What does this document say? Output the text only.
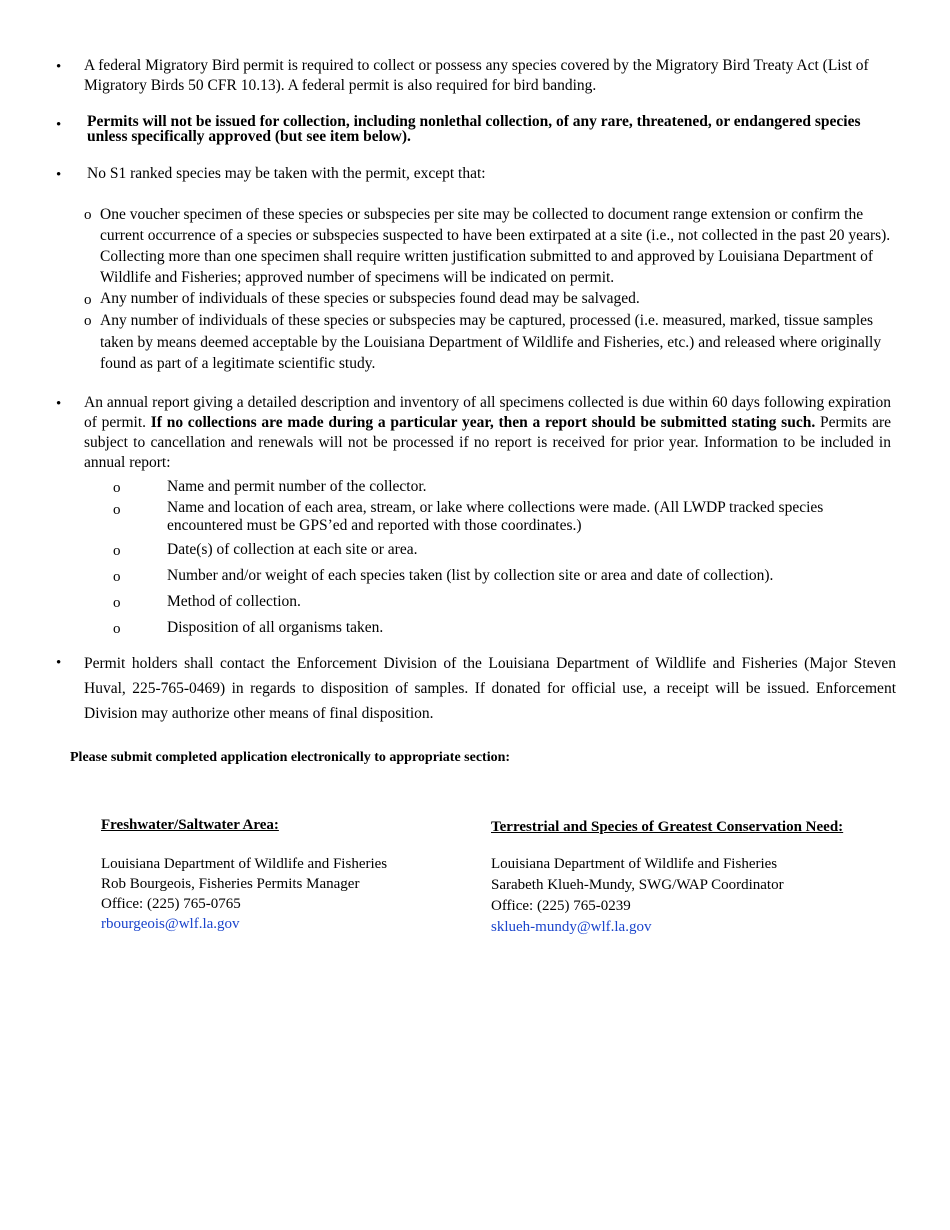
• A federal Migratory Bird permit is required to collect or possess any species covered by the Migratory Bird Treaty Act (List of Migratory Birds 50 CFR 10.13). A federal permit is also required for bird banding.
• Permits will not be issued for collection, including nonlethal collection, of any rare, threatened, or endangered species unless specifically approved (but see item below).
• No S1 ranked species may be taken with the permit, except that:
o One voucher specimen of these species or subspecies per site may be collected to document range extension or confirm the current occurrence of a species or subspecies suspected to have been extirpated at a site (i.e., not collected in the past 20 years). Collecting more than one specimen shall require written justification submitted to and approved by Louisiana Department of Wildlife and Fisheries; approved number of specimens will be indicated on permit.
o Any number of individuals of these species or subspecies found dead may be salvaged.
o Any number of individuals of these species or subspecies may be captured, processed (i.e. measured, marked, tissue samples taken by means deemed acceptable by the Louisiana Department of Wildlife and Fisheries, etc.) and released where originally found as part of a legitimate scientific study.
• An annual report giving a detailed description and inventory of all specimens collected is due within 60 days following expiration of permit. If no collections are made during a particular year, then a report should be submitted stating such. Permits are subject to cancellation and renewals will not be processed if no report is received for prior year. Information to be included in annual report:
o	Name and permit number of the collector.
o	Name and location of each area, stream, or lake where collections were made. (All LWDP tracked species encountered must be GPS’ed and reported with those coordinates.)
o	Date(s) of collection at each site or area.
o	Number and/or weight of each species taken (list by collection site or area and date of collection).
o	Method of collection.
o	Disposition of all organisms taken.
• Permit holders shall contact the Enforcement Division of the Louisiana Department of Wildlife and Fisheries (Major Steven Huval, 225-765-0469) in regards to disposition of samples. If donated for official use, a receipt will be issued. Enforcement Division may authorize other means of final disposition.
Please submit completed application electronically to appropriate section:
Freshwater/Saltwater Area:
Louisiana Department of Wildlife and Fisheries
Rob Bourgeois, Fisheries Permits Manager
Office: (225) 765-0765
rbourgeois@wlf.la.gov
Terrestrial and Species of Greatest Conservation Need:
Louisiana Department of Wildlife and Fisheries
Sarabeth Klueh-Mundy, SWG/WAP Coordinator
Office: (225) 765-0239
sklueh-mundy@wlf.la.gov
